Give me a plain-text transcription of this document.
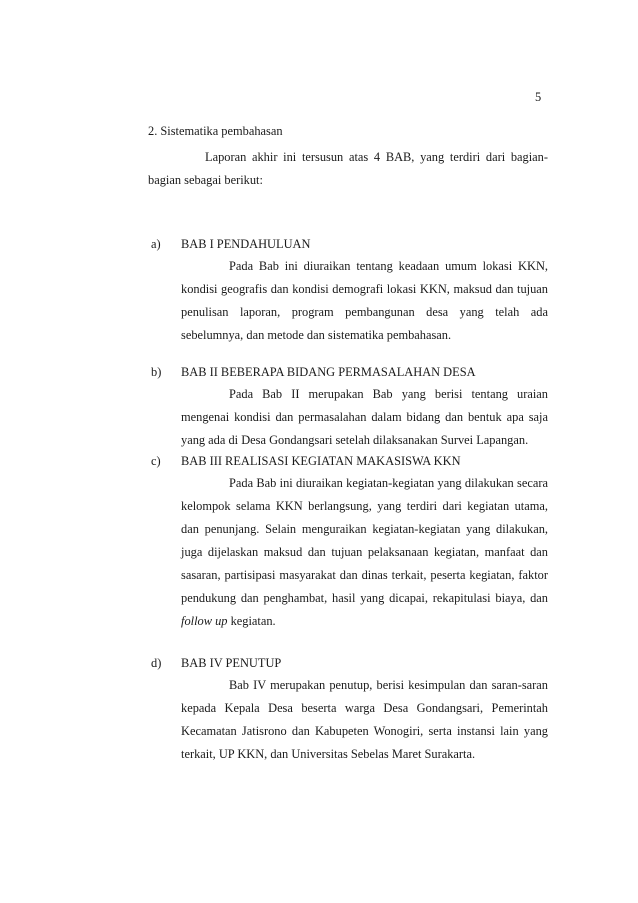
5
2. Sistematika pembahasan
Laporan akhir ini tersusun atas 4 BAB, yang terdiri dari bagian-bagian sebagai berikut:
a)	BAB I PENDAHULUAN
Pada Bab ini diuraikan tentang keadaan umum lokasi KKN, kondisi geografis dan kondisi demografi lokasi KKN, maksud dan tujuan penulisan laporan, program pembangunan desa yang telah ada sebelumnya, dan metode dan sistematika pembahasan.
b)	BAB II BEBERAPA BIDANG PERMASALAHAN DESA
Pada Bab II merupakan Bab yang berisi tentang uraian mengenai kondisi dan permasalahan dalam bidang dan bentuk apa saja yang ada di Desa Gondangsari setelah dilaksanakan Survei Lapangan.
c)	BAB III REALISASI KEGIATAN MAKASISWA KKN
Pada Bab ini diuraikan kegiatan-kegiatan yang dilakukan secara kelompok selama KKN berlangsung, yang terdiri dari kegiatan utama, dan penunjang. Selain menguraikan kegiatan-kegiatan yang dilakukan, juga dijelaskan maksud dan tujuan pelaksanaan kegiatan, manfaat dan sasaran, partisipasi masyarakat dan dinas terkait, peserta kegiatan, faktor pendukung dan penghambat, hasil yang dicapai, rekapitulasi biaya, dan follow up kegiatan.
d)	BAB IV PENUTUP
Bab IV merupakan penutup, berisi kesimpulan dan saran-saran kepada Kepala Desa beserta warga Desa Gondangsari, Pemerintah Kecamatan Jatisrono dan Kabupeten Wonogiri, serta instansi lain yang terkait, UP KKN, dan Universitas Sebelas Maret Surakarta.
